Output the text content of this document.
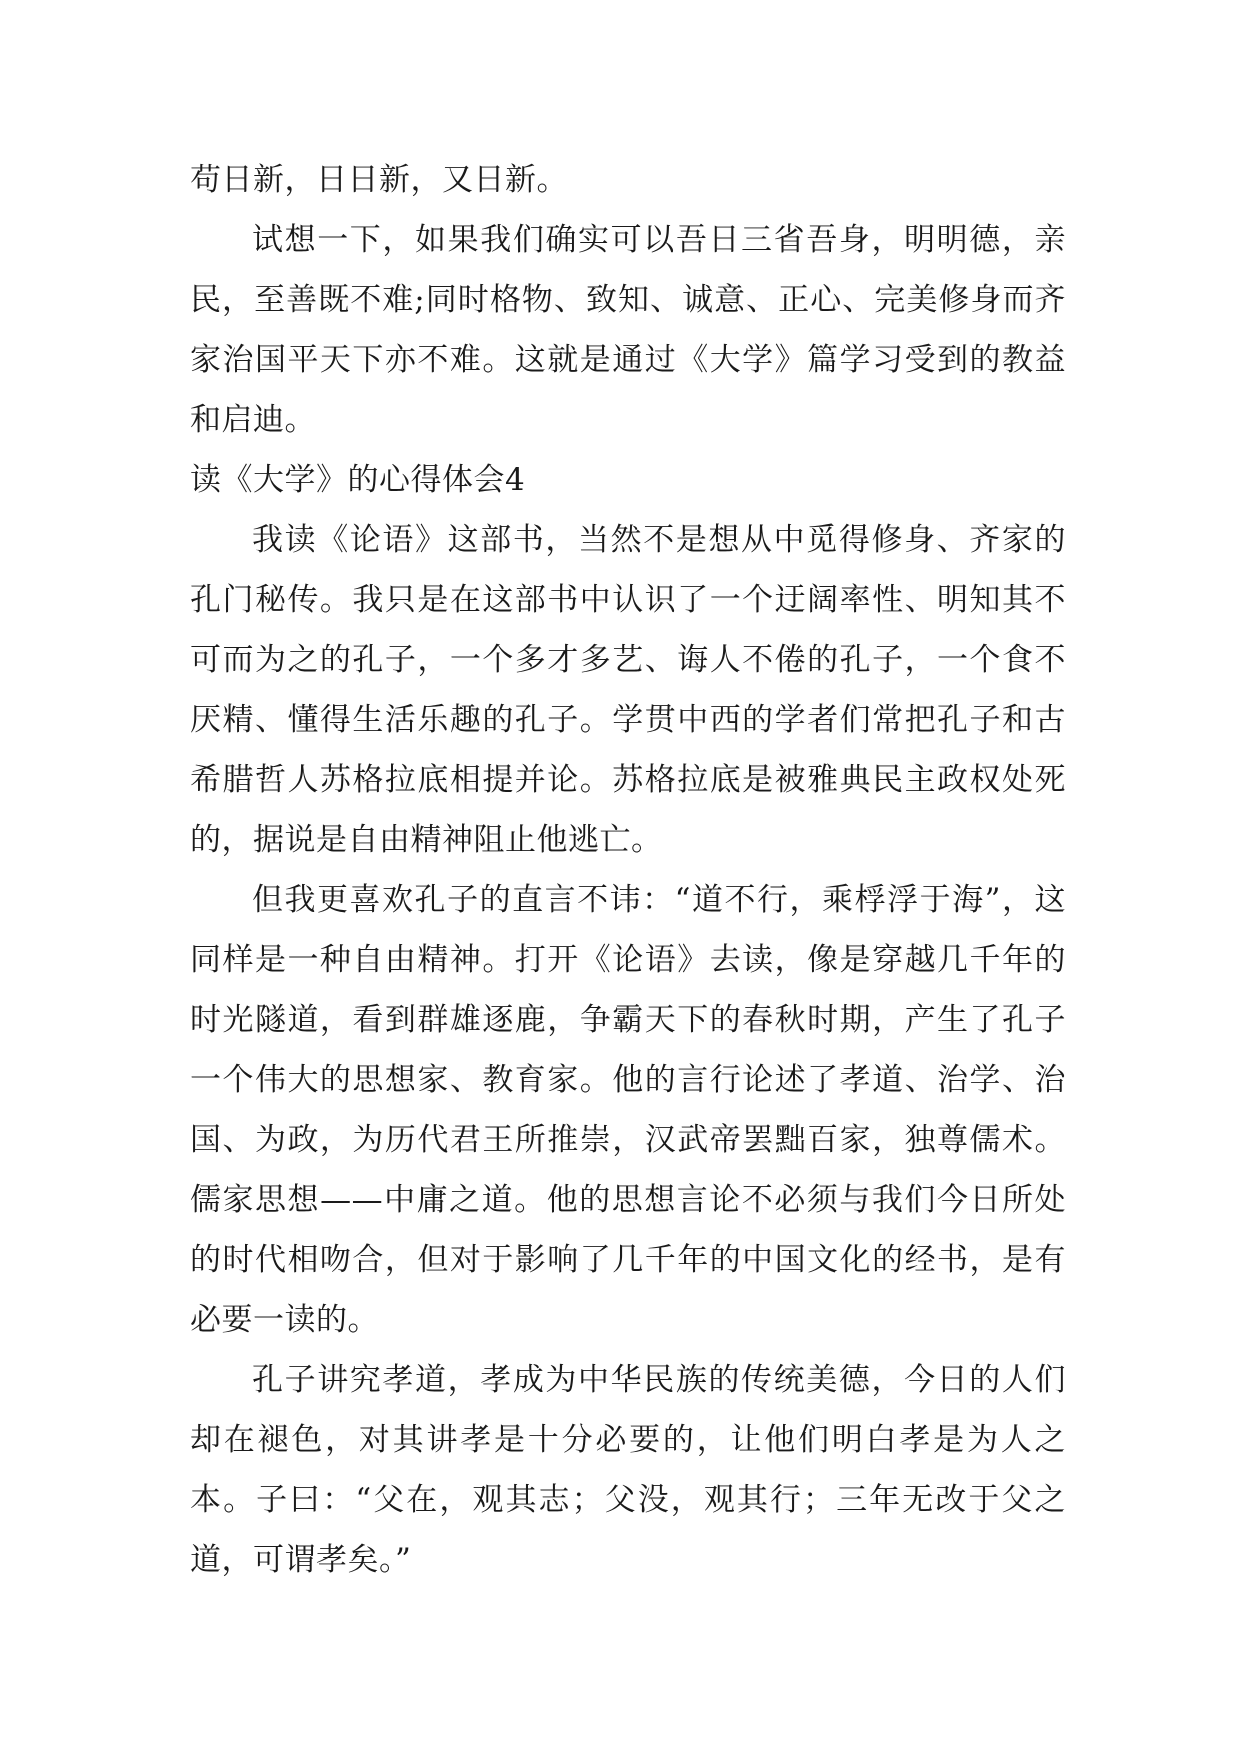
苟日新，日日新，又日新。

试想一下，如果我们确实可以吾日三省吾身，明明德，亲民，至善既不难;同时格物、致知、诚意、正心、完美修身而齐家治国平天下亦不难。这就是通过《大学》篇学习受到的教益和启迪。

读《大学》的心得体会4

我读《论语》这部书，当然不是想从中觅得修身、齐家的孔门秘传。我只是在这部书中认识了一个迂阔率性、明知其不可而为之的孔子，一个多才多艺、诲人不倦的孔子，一个食不厌精、懂得生活乐趣的孔子。学贯中西的学者们常把孔子和古希腊哲人苏格拉底相提并论。苏格拉底是被雅典民主政权处死的，据说是自由精神阻止他逃亡。

但我更喜欢孔子的直言不讳：“道不行，乘桴浮于海”，这同样是一种自由精神。打开《论语》去读，像是穿越几千年的时光隧道，看到群雄逐鹿，争霸天下的春秋时期，产生了孔子一个伟大的思想家、教育家。他的言行论述了孝道、治学、治国、为政，为历代君王所推崇，汉武帝罢黜百家，独尊儒术。儒家思想——中庸之道。他的思想言论不必须与我们今日所处的时代相吻合，但对于影响了几千年的中国文化的经书，是有必要一读的。

孔子讲究孝道，孝成为中华民族的传统美德，今日的人们却在褪色，对其讲孝是十分必要的，让他们明白孝是为人之本。子曰：“父在，观其志；父没，观其行；三年无改于父之道，可谓孝矣。”
